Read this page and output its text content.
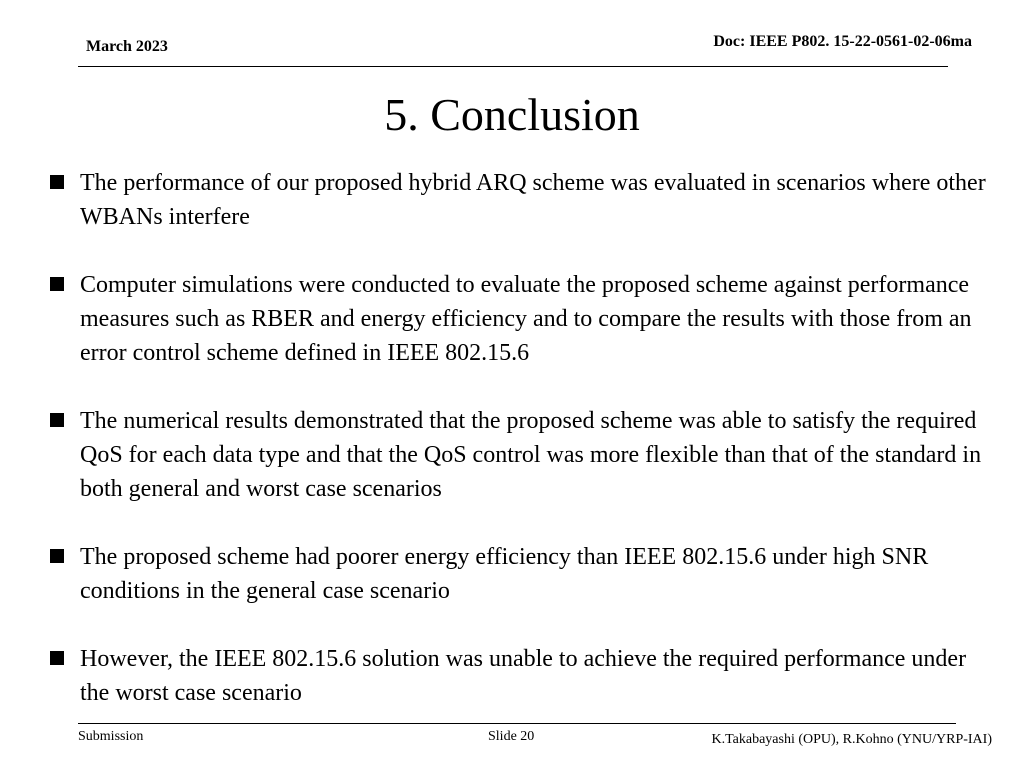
March 2023	Doc: IEEE P802. 15-22-0561-02-06ma
5. Conclusion
The performance of our proposed hybrid ARQ scheme was evaluated in scenarios where other WBANs interfere
Computer simulations were conducted to evaluate the proposed scheme against performance measures such as RBER and energy efficiency and to compare the results with those from an error control scheme defined in IEEE 802.15.6
The numerical results demonstrated that the proposed scheme was able to satisfy the required QoS for each data type and that the QoS control was more flexible than that of the standard in both general and worst case scenarios
The proposed scheme had poorer energy efficiency than IEEE 802.15.6 under high SNR conditions in the general case scenario
However, the IEEE 802.15.6 solution was unable to achieve the required performance under the worst case scenario
Submission	Slide 20	K.Takabayashi (OPU), R.Kohno (YNU/YRP-IAI)
